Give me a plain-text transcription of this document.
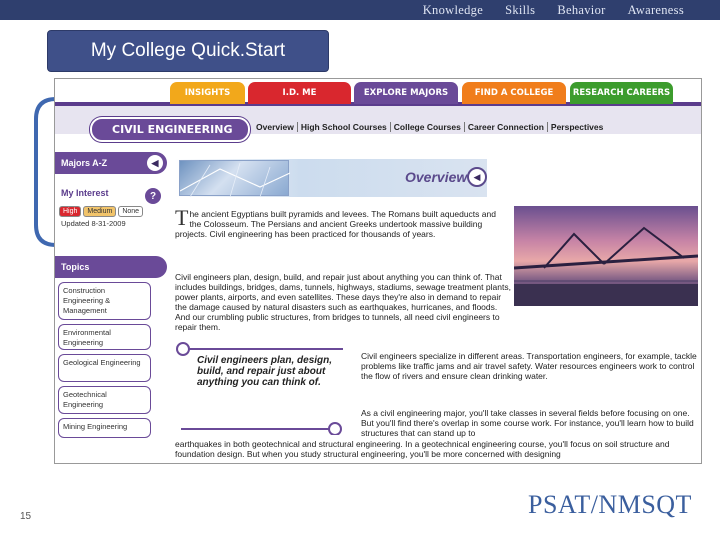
Knowledge Skills Behavior Awareness
My College Quick.Start
INSIGHTS	I.D. ME	EXPLORE MAJORS	FIND A COLLEGE RESEARCH CAREERS
CIVIL ENGINEERING	Overview High School Courses College Courses Career Connection Perspectives
Majors A-Z	◀
My Interest	?
High	Medium	None
Updated 8-31-2009
Topics
Construction Engineering & Management
Environmental Engineering
Geological Engineering
Geotechnical Engineering
Mining Engineering
Overview ◀
The ancient Egyptians built pyramids and levees. The Romans built aqueducts and the Colosseum. The Persians and ancient Greeks undertook massive building projects. Civil engineering has been practiced for thousands of years.
Civil engineers plan, design, build, and repair just about anything you can think of. That includes buildings, bridges, dams, tunnels, highways, stadiums, sewage treatment plants, power plants, airports, and even satellites. These days they're also in demand to repair the damage caused by natural disasters such as earthquakes, hurricanes, and floods. And our crumbling public structures, from bridges to tunnels, all need civil engineers to repair them.
Civil engineers plan, design, build, and repair just about anything you can think of.
Civil engineers specialize in different areas. Transportation engineers, for example, tackle problems like traffic jams and air travel safety. Water resources engineers work to control the flow of rivers and ensure clean drinking water.
As a civil engineering major, you'll take classes in several fields before focusing on one. But you'll find there's overlap in some course work. For instance, you'll learn how to build structures that can stand up to
earthquakes in both geotechnical and structural engineering. In a geotechnical engineering course, you'll focus on soil structure and foundation design. But when you study structural engineering, you'll be more concerned with designing
15	PSAT/NMSQT
